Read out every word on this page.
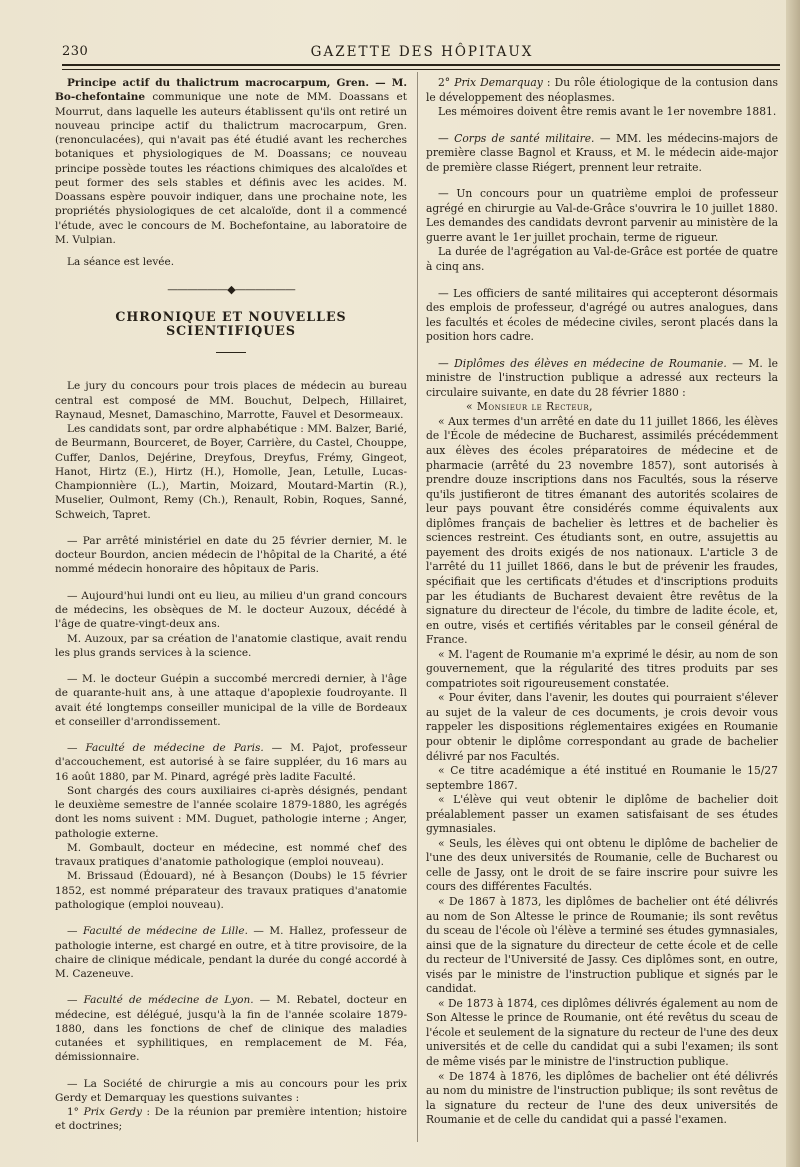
230	GAZETTE DES HÔPITAUX

Principe actif du thalictrum macrocarpum, Gren. — M. Bo-chefontaine communique une note de MM. Doassans et Mourrut, dans laquelle les auteurs établissent qu'ils ont retiré un nouveau principe actif du thalictrum macrocarpum, Gren. (renonculacées), qui n'avait pas été étudié avant les recherches botaniques et physiologiques de M. Doassans; ce nouveau principe possède toutes les réactions chimiques des alcaloïdes et peut former des sels stables et définis avec les acides. M. Doassans espère pouvoir indiquer, dans une prochaine note, les propriétés physiologiques de cet alcaloïde, dont il a commencé l'étude, avec le concours de M. Bochefontaine, au laboratoire de M. Vulpian.

La séance est levée.

——————◆——————
CHRONIQUE ET NOUVELLES SCIENTIFIQUES

Le jury du concours pour trois places de médecin au bureau central est composé de MM. Bouchut, Delpech, Hillairet, Raynaud, Mesnet, Damaschino, Marrotte, Fauvel et Desormeaux.

Les candidats sont, par ordre alphabétique : MM. Balzer, Barié, de Beurmann, Bourceret, de Boyer, Carrière, du Castel, Chouppe, Cuffer, Danlos, Dejérine, Dreyfous, Dreyfus, Frémy, Gingeot, Hanot, Hirtz (E.), Hirtz (H.), Homolle, Jean, Letulle, Lucas-Championnière (L.), Martin, Moizard, Moutard-Martin (R.), Muselier, Oulmont, Remy (Ch.), Renault, Robin, Roques, Sanné, Schweich, Tapret.

— Par arrêté ministériel en date du 25 février dernier, M. le docteur Bourdon, ancien médecin de l'hôpital de la Charité, a été nommé médecin honoraire des hôpitaux de Paris.

— Aujourd'hui lundi ont eu lieu, au milieu d'un grand concours de médecins, les obsèques de M. le docteur Auzoux, décédé à l'âge de quatre-vingt-deux ans.

M. Auzoux, par sa création de l'anatomie clastique, avait rendu les plus grands services à la science.

— M. le docteur Guépin a succombé mercredi dernier, à l'âge de quarante-huit ans, à une attaque d'apoplexie foudroyante. Il avait été longtemps conseiller municipal de la ville de Bordeaux et conseiller d'arrondissement.

— Faculté de médecine de Paris. — M. Pajot, professeur d'accouchement, est autorisé à se faire suppléer, du 16 mars au 16 août 1880, par M. Pinard, agrégé près ladite Faculté.

Sont chargés des cours auxiliaires ci-après désignés, pendant le deuxième semestre de l'année scolaire 1879-1880, les agrégés dont les noms suivent : MM. Duguet, pathologie interne ; Anger, pathologie externe.

M. Gombault, docteur en médecine, est nommé chef des travaux pratiques d'anatomie pathologique (emploi nouveau).

M. Brissaud (Édouard), né à Besançon (Doubs) le 15 février 1852, est nommé préparateur des travaux pratiques d'anatomie pathologique (emploi nouveau).

— Faculté de médecine de Lille. — M. Hallez, professeur de pathologie interne, est chargé en outre, et à titre provisoire, de la chaire de clinique médicale, pendant la durée du congé accordé à M. Cazeneuve.

— Faculté de médecine de Lyon. — M. Rebatel, docteur en médecine, est délégué, jusqu'à la fin de l'année scolaire 1879-1880, dans les fonctions de chef de clinique des maladies cutanées et syphilitiques, en remplacement de M. Féa, démissionnaire.

— La Société de chirurgie a mis au concours pour les prix Gerdy et Demarquay les questions suivantes :

1° Prix Gerdy : De la réunion par première intention; histoire et doctrines;

2° Prix Demarquay : Du rôle étiologique de la contusion dans le développement des néoplasmes.

Les mémoires doivent être remis avant le 1er novembre 1881.

— Corps de santé militaire. — MM. les médecins-majors de première classe Bagnol et Krauss, et M. le médecin aide-major de première classe Riégert, prennent leur retraite.

— Un concours pour un quatrième emploi de professeur agrégé en chirurgie au Val-de-Grâce s'ouvrira le 10 juillet 1880. Les demandes des candidats devront parvenir au ministère de la guerre avant le 1er juillet prochain, terme de rigueur.

La durée de l'agrégation au Val-de-Grâce est portée de quatre à cinq ans.

— Les officiers de santé militaires qui accepteront désormais des emplois de professeur, d'agrégé ou autres analogues, dans les facultés et écoles de médecine civiles, seront placés dans la position hors cadre.

— Diplômes des élèves en médecine de Roumanie. — M. le ministre de l'instruction publique a adressé aux recteurs la circulaire suivante, en date du 28 février 1880 :

« Monsieur le Recteur,

« Aux termes d'un arrêté en date du 11 juillet 1866, les élèves de l'École de médecine de Bucharest, assimilés précédemment aux élèves des écoles préparatoires de médecine et de pharmacie (arrêté du 23 novembre 1857), sont autorisés à prendre douze inscriptions dans nos Facultés, sous la réserve qu'ils justifieront de titres émanant des autorités scolaires de leur pays pouvant être considérés comme équivalents aux diplômes français de bachelier ès lettres et de bachelier ès sciences restreint. Ces étudiants sont, en outre, assujettis au payement des droits exigés de nos nationaux. L'article 3 de l'arrêté du 11 juillet 1866, dans le but de prévenir les fraudes, spécifiait que les certificats d'études et d'inscriptions produits par les étudiants de Bucharest devaient être revêtus de la signature du directeur de l'école, du timbre de ladite école, et, en outre, visés et certifiés véritables par le conseil général de France.

« M. l'agent de Roumanie m'a exprimé le désir, au nom de son gouvernement, que la régularité des titres produits par ses compatriotes soit rigoureusement constatée.

« Pour éviter, dans l'avenir, les doutes qui pourraient s'élever au sujet de la valeur de ces documents, je crois devoir vous rappeler les dispositions réglementaires exigées en Roumanie pour obtenir le diplôme correspondant au grade de bachelier délivré par nos Facultés.

« Ce titre académique a été institué en Roumanie le 15/27 septembre 1867.

« L'élève qui veut obtenir le diplôme de bachelier doit préalablement passer un examen satisfaisant de ses études gymnasiales.

« Seuls, les élèves qui ont obtenu le diplôme de bachelier de l'une des deux universités de Roumanie, celle de Bucharest ou celle de Jassy, ont le droit de se faire inscrire pour suivre les cours des différentes Facultés.

« De 1867 à 1873, les diplômes de bachelier ont été délivrés au nom de Son Altesse le prince de Roumanie; ils sont revêtus du sceau de l'école où l'élève a terminé ses études gymnasiales, ainsi que de la signature du directeur de cette école et de celle du recteur de l'Université de Jassy. Ces diplômes sont, en outre, visés par le ministre de l'instruction publique et signés par le candidat.

« De 1873 à 1874, ces diplômes délivrés également au nom de Son Altesse le prince de Roumanie, ont été revêtus du sceau de l'école et seulement de la signature du recteur de l'une des deux universités et de celle du candidat qui a subi l'examen; ils sont de même visés par le ministre de l'instruction publique.

« De 1874 à 1876, les diplômes de bachelier ont été délivrés au nom du ministre de l'instruction publique; ils sont revêtus de la signature du recteur de l'une des deux universités de Roumanie et de celle du candidat qui a passé l'examen.
